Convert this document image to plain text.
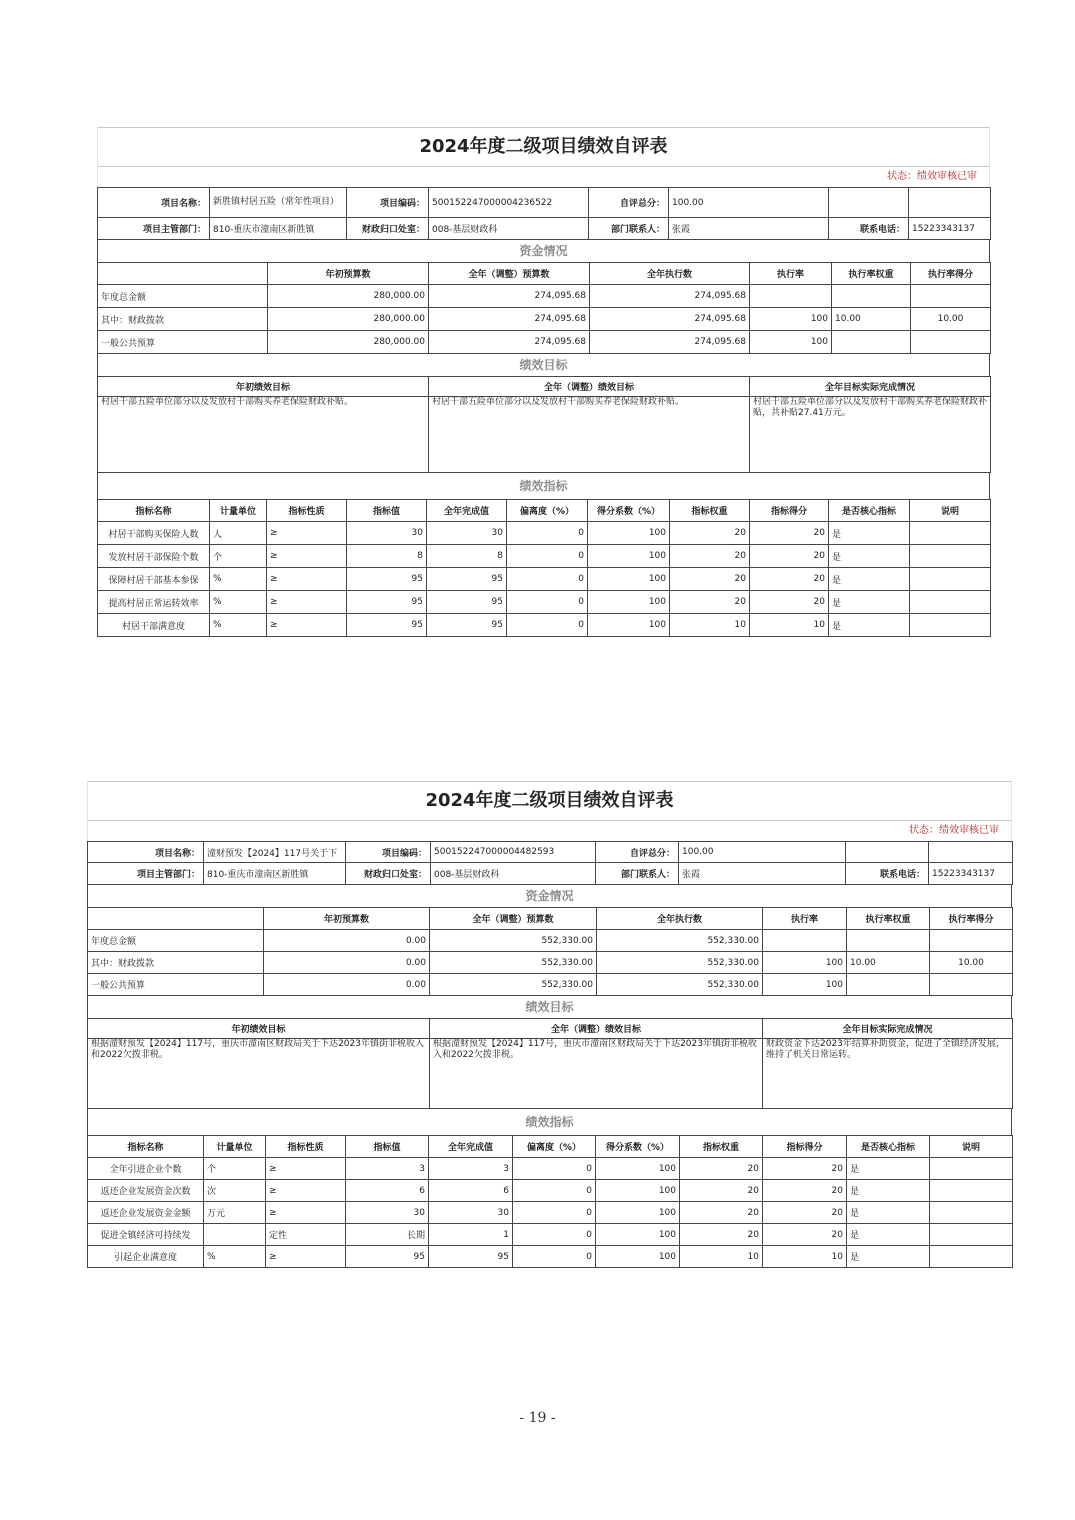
2024年度二级项目绩效自评表
状态：绩效审核已审
项目名称：	新胜镇村居五险（常年性项目）	项目编码：	500152247000004236522	自评总分：	100.00		
项目主管部门：	810-重庆市潼南区新胜镇	财政归口处室：	008-基层财政科	部门联系人：	张霞	联系电话：	15223343137
资金情况
	年初预算数	全年（调整）预算数	全年执行数	执行率	执行率权重	执行率得分
年度总金额	280,000.00	274,095.68	274,095.68			
其中：财政拨款	280,000.00	274,095.68	274,095.68	100	10.00	10.00
一般公共预算	280,000.00	274,095.68	274,095.68	100		
绩效目标
年初绩效目标	全年（调整）绩效目标	全年目标实际完成情况
村居干部五险单位部分以及发放村干部购买养老保险财政补贴。	村居干部五险单位部分以及发放村干部购买养老保险财政补贴。	村居干部五险单位部分以及发放村干部购买养老保险财政补贴，共补贴27.41万元。
绩效指标
指标名称	计量单位	指标性质	指标值	全年完成值	偏离度（%）	得分系数（%）	指标权重	指标得分	是否核心指标	说明
村居干部购买保险人数	人	≥	30	30	0	100	20	20	是	
发放村居干部保险个数	个	≥	8	8	0	100	20	20	是	
保障村居干部基本参保	%	≥	95	95	0	100	20	20	是	
提高村居正常运转效率	%	≥	95	95	0	100	20	20	是	
村居干部满意度	%	≥	95	95	0	100	10	10	是	
2024年度二级项目绩效自评表
状态：绩效审核已审
项目名称：	潼财预发【2024】117号关于下	项目编码：	500152247000004482593	自评总分：	100.00		
项目主管部门：	810-重庆市潼南区新胜镇	财政归口处室：	008-基层财政科	部门联系人：	张霞	联系电话：	15223343137
资金情况
	年初预算数	全年（调整）预算数	全年执行数	执行率	执行率权重	执行率得分
年度总金额	0.00	552,330.00	552,330.00			
其中：财政拨款	0.00	552,330.00	552,330.00	100	10.00	10.00
一般公共预算	0.00	552,330.00	552,330.00	100		
绩效目标
年初绩效目标	全年（调整）绩效目标	全年目标实际完成情况
根据潼财预发【2024】117号，重庆市潼南区财政局关于下达2023年镇街非税收入和2022欠拨非税。	根据潼财预发【2024】117号，重庆市潼南区财政局关于下达2023年镇街非税收入和2022欠拨非税。	财政资金下达2023年结算补助资金，促进了全镇经济发展，维持了机关日常运转。
绩效指标
指标名称	计量单位	指标性质	指标值	全年完成值	偏离度（%）	得分系数（%）	指标权重	指标得分	是否核心指标	说明
全年引进企业个数	个	≥	3	3	0	100	20	20	是	
返还企业发展资金次数	次	≥	6	6	0	100	20	20	是	
返还企业发展资金金额	万元	≥	30	30	0	100	20	20	是	
促进全镇经济可持续发		定性	长期	1	0	100	20	20	是	
引起企业满意度	%	≥	95	95	0	100	10	10	是	
- 19 -
